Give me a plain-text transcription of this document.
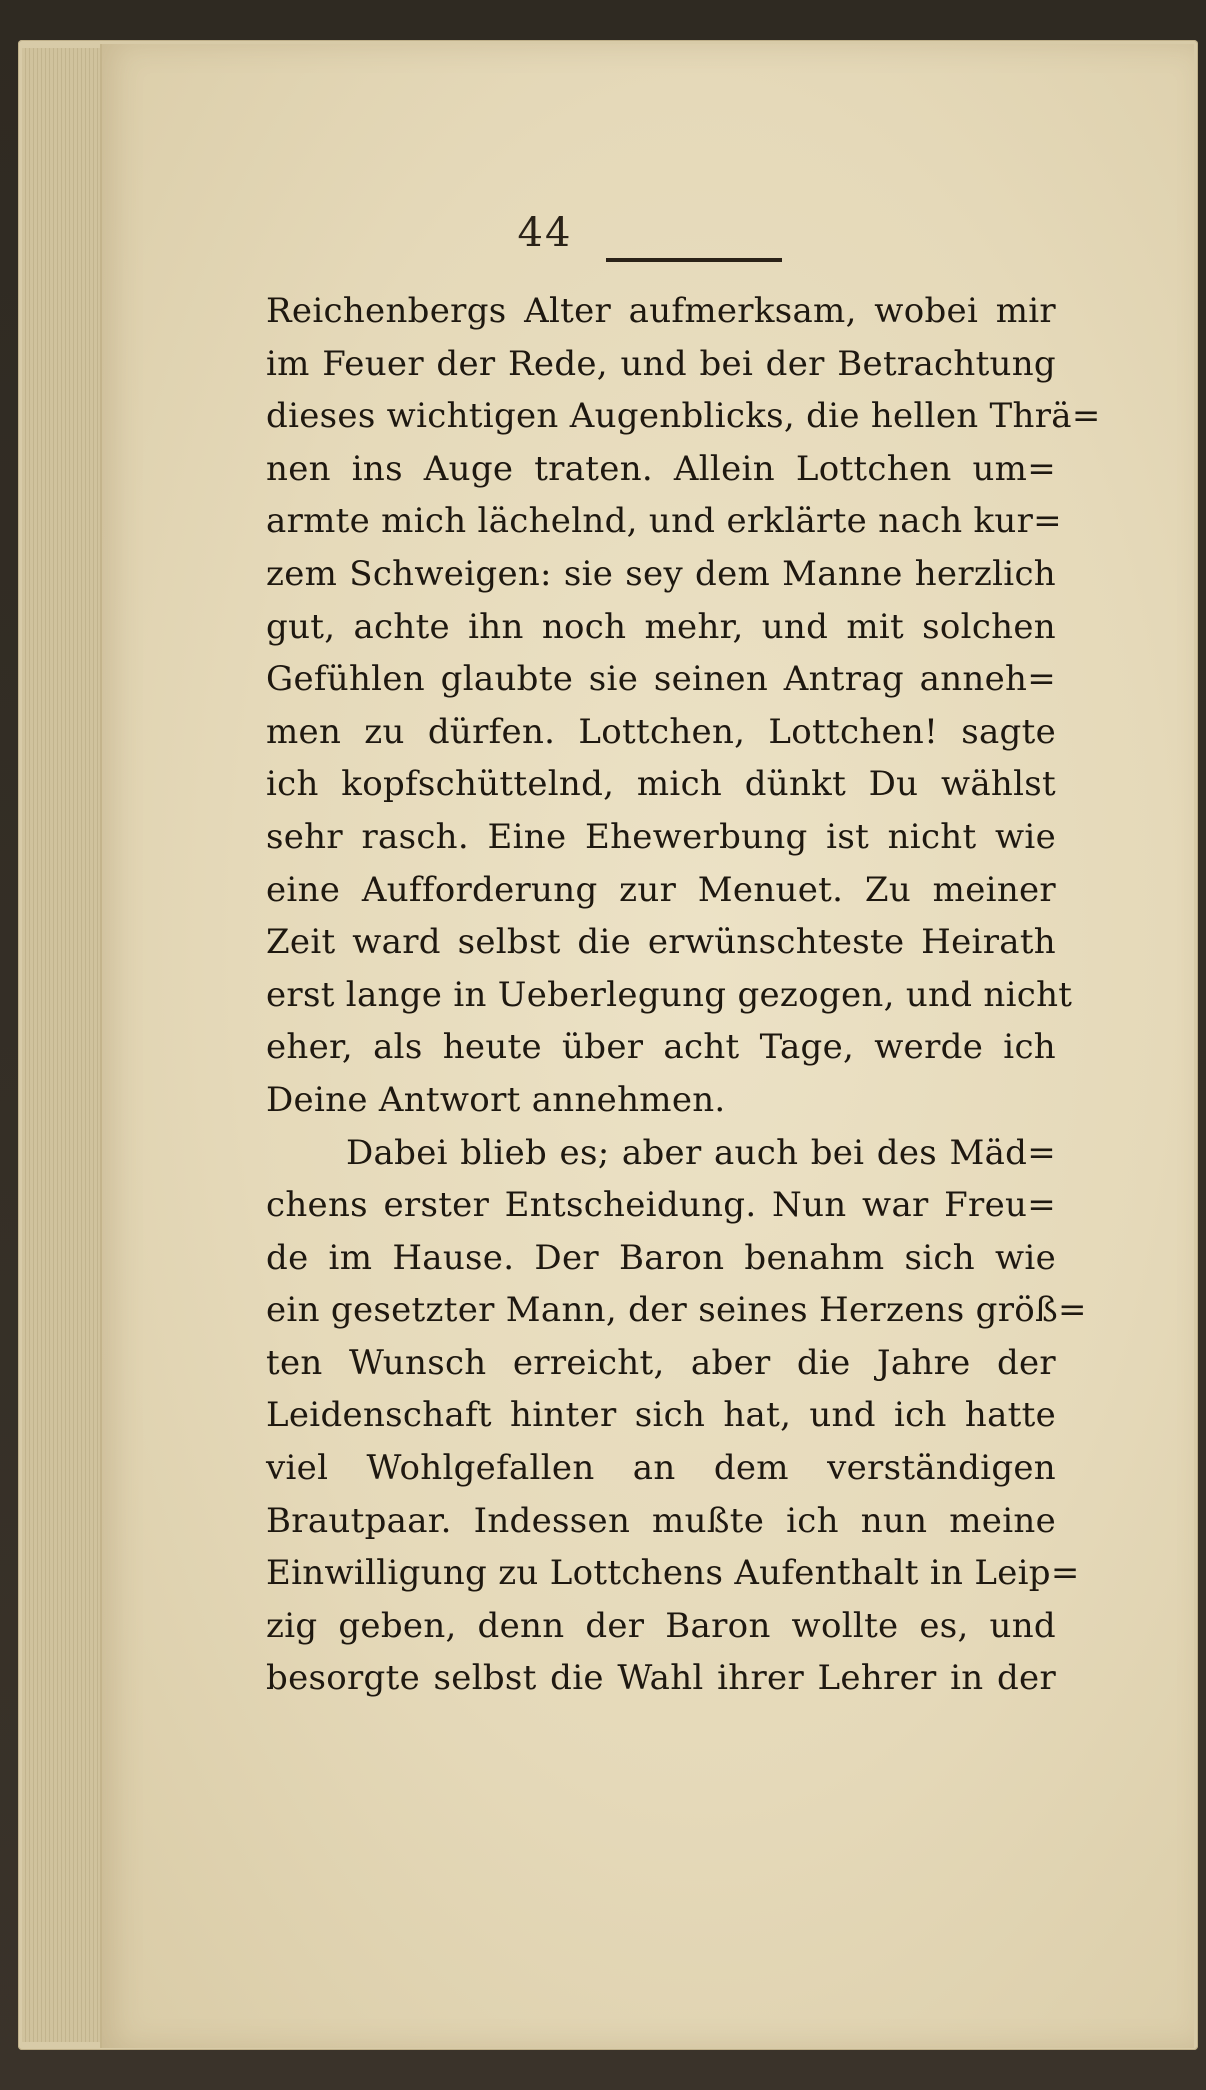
44
Reichenbergs Alter aufmerksam, wobei mir
im Feuer der Rede, und bei der Betrachtung
dieses wichtigen Augenblicks, die hellen Thrä=
nen ins Auge traten. Allein Lottchen um=
armte mich lächelnd, und erklärte nach kur=
zem Schweigen: sie sey dem Manne herzlich
gut, achte ihn noch mehr, und mit solchen
Gefühlen glaubte sie seinen Antrag anneh=
men zu dürfen. Lottchen, Lottchen! sagte
ich kopfschüttelnd, mich dünkt Du wählst
sehr rasch. Eine Ehewerbung ist nicht wie
eine Aufforderung zur Menuet. Zu meiner
Zeit ward selbst die erwünschteste Heirath
erst lange in Ueberlegung gezogen, und nicht
eher, als heute über acht Tage, werde ich
Deine Antwort annehmen.
Dabei blieb es; aber auch bei des Mäd=
chens erster Entscheidung. Nun war Freu=
de im Hause. Der Baron benahm sich wie
ein gesetzter Mann, der seines Herzens größ=
ten Wunsch erreicht, aber die Jahre der
Leidenschaft hinter sich hat, und ich hatte
viel Wohlgefallen an dem verständigen
Brautpaar. Indessen mußte ich nun meine
Einwilligung zu Lottchens Aufenthalt in Leip=
zig geben, denn der Baron wollte es, und
besorgte selbst die Wahl ihrer Lehrer in der
